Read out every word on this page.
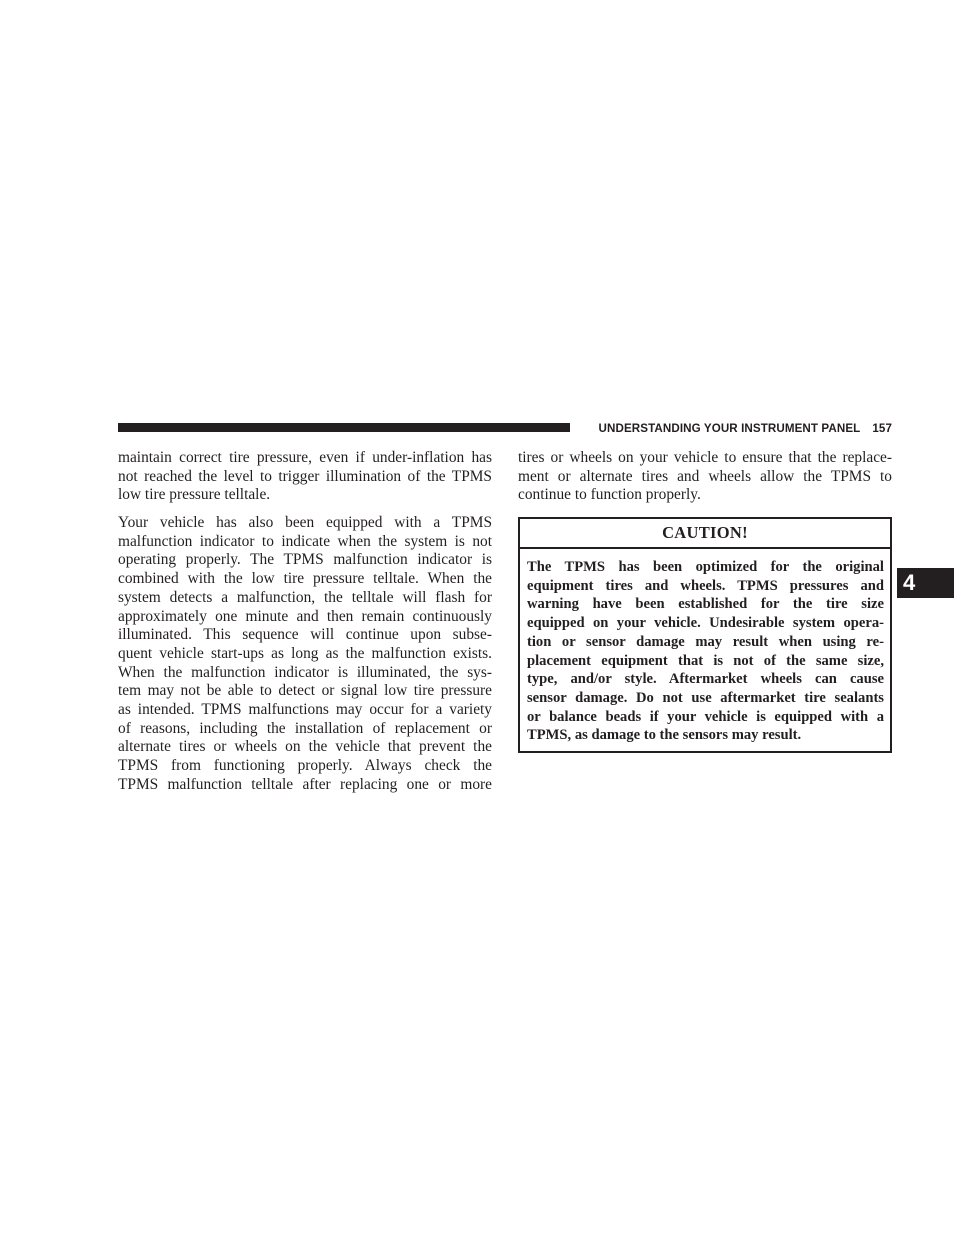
UNDERSTANDING YOUR INSTRUMENT PANEL 157
maintain correct tire pressure, even if under-inflation has
not reached the level to trigger illumination of the TPMS
low tire pressure telltale.
Your vehicle has also been equipped with a TPMS
malfunction indicator to indicate when the system is not
operating properly. The TPMS malfunction indicator is
combined with the low tire pressure telltale. When the
system detects a malfunction, the telltale will flash for
approximately one minute and then remain continuously
illuminated. This sequence will continue upon subse-
quent vehicle start-ups as long as the malfunction exists.
When the malfunction indicator is illuminated, the sys-
tem may not be able to detect or signal low tire pressure
as intended. TPMS malfunctions may occur for a variety
of reasons, including the installation of replacement or
alternate tires or wheels on the vehicle that prevent the
TPMS from functioning properly. Always check the
TPMS malfunction telltale after replacing one or more
tires or wheels on your vehicle to ensure that the replace-
ment or alternate tires and wheels allow the TPMS to
continue to function properly.
CAUTION!
The TPMS has been optimized for the original
equipment tires and wheels. TPMS pressures and
warning have been established for the tire size
equipped on your vehicle. Undesirable system opera-
tion or sensor damage may result when using re-
placement equipment that is not of the same size,
type, and/or style. Aftermarket wheels can cause
sensor damage. Do not use aftermarket tire sealants
or balance beads if your vehicle is equipped with a
TPMS, as damage to the sensors may result.
4
